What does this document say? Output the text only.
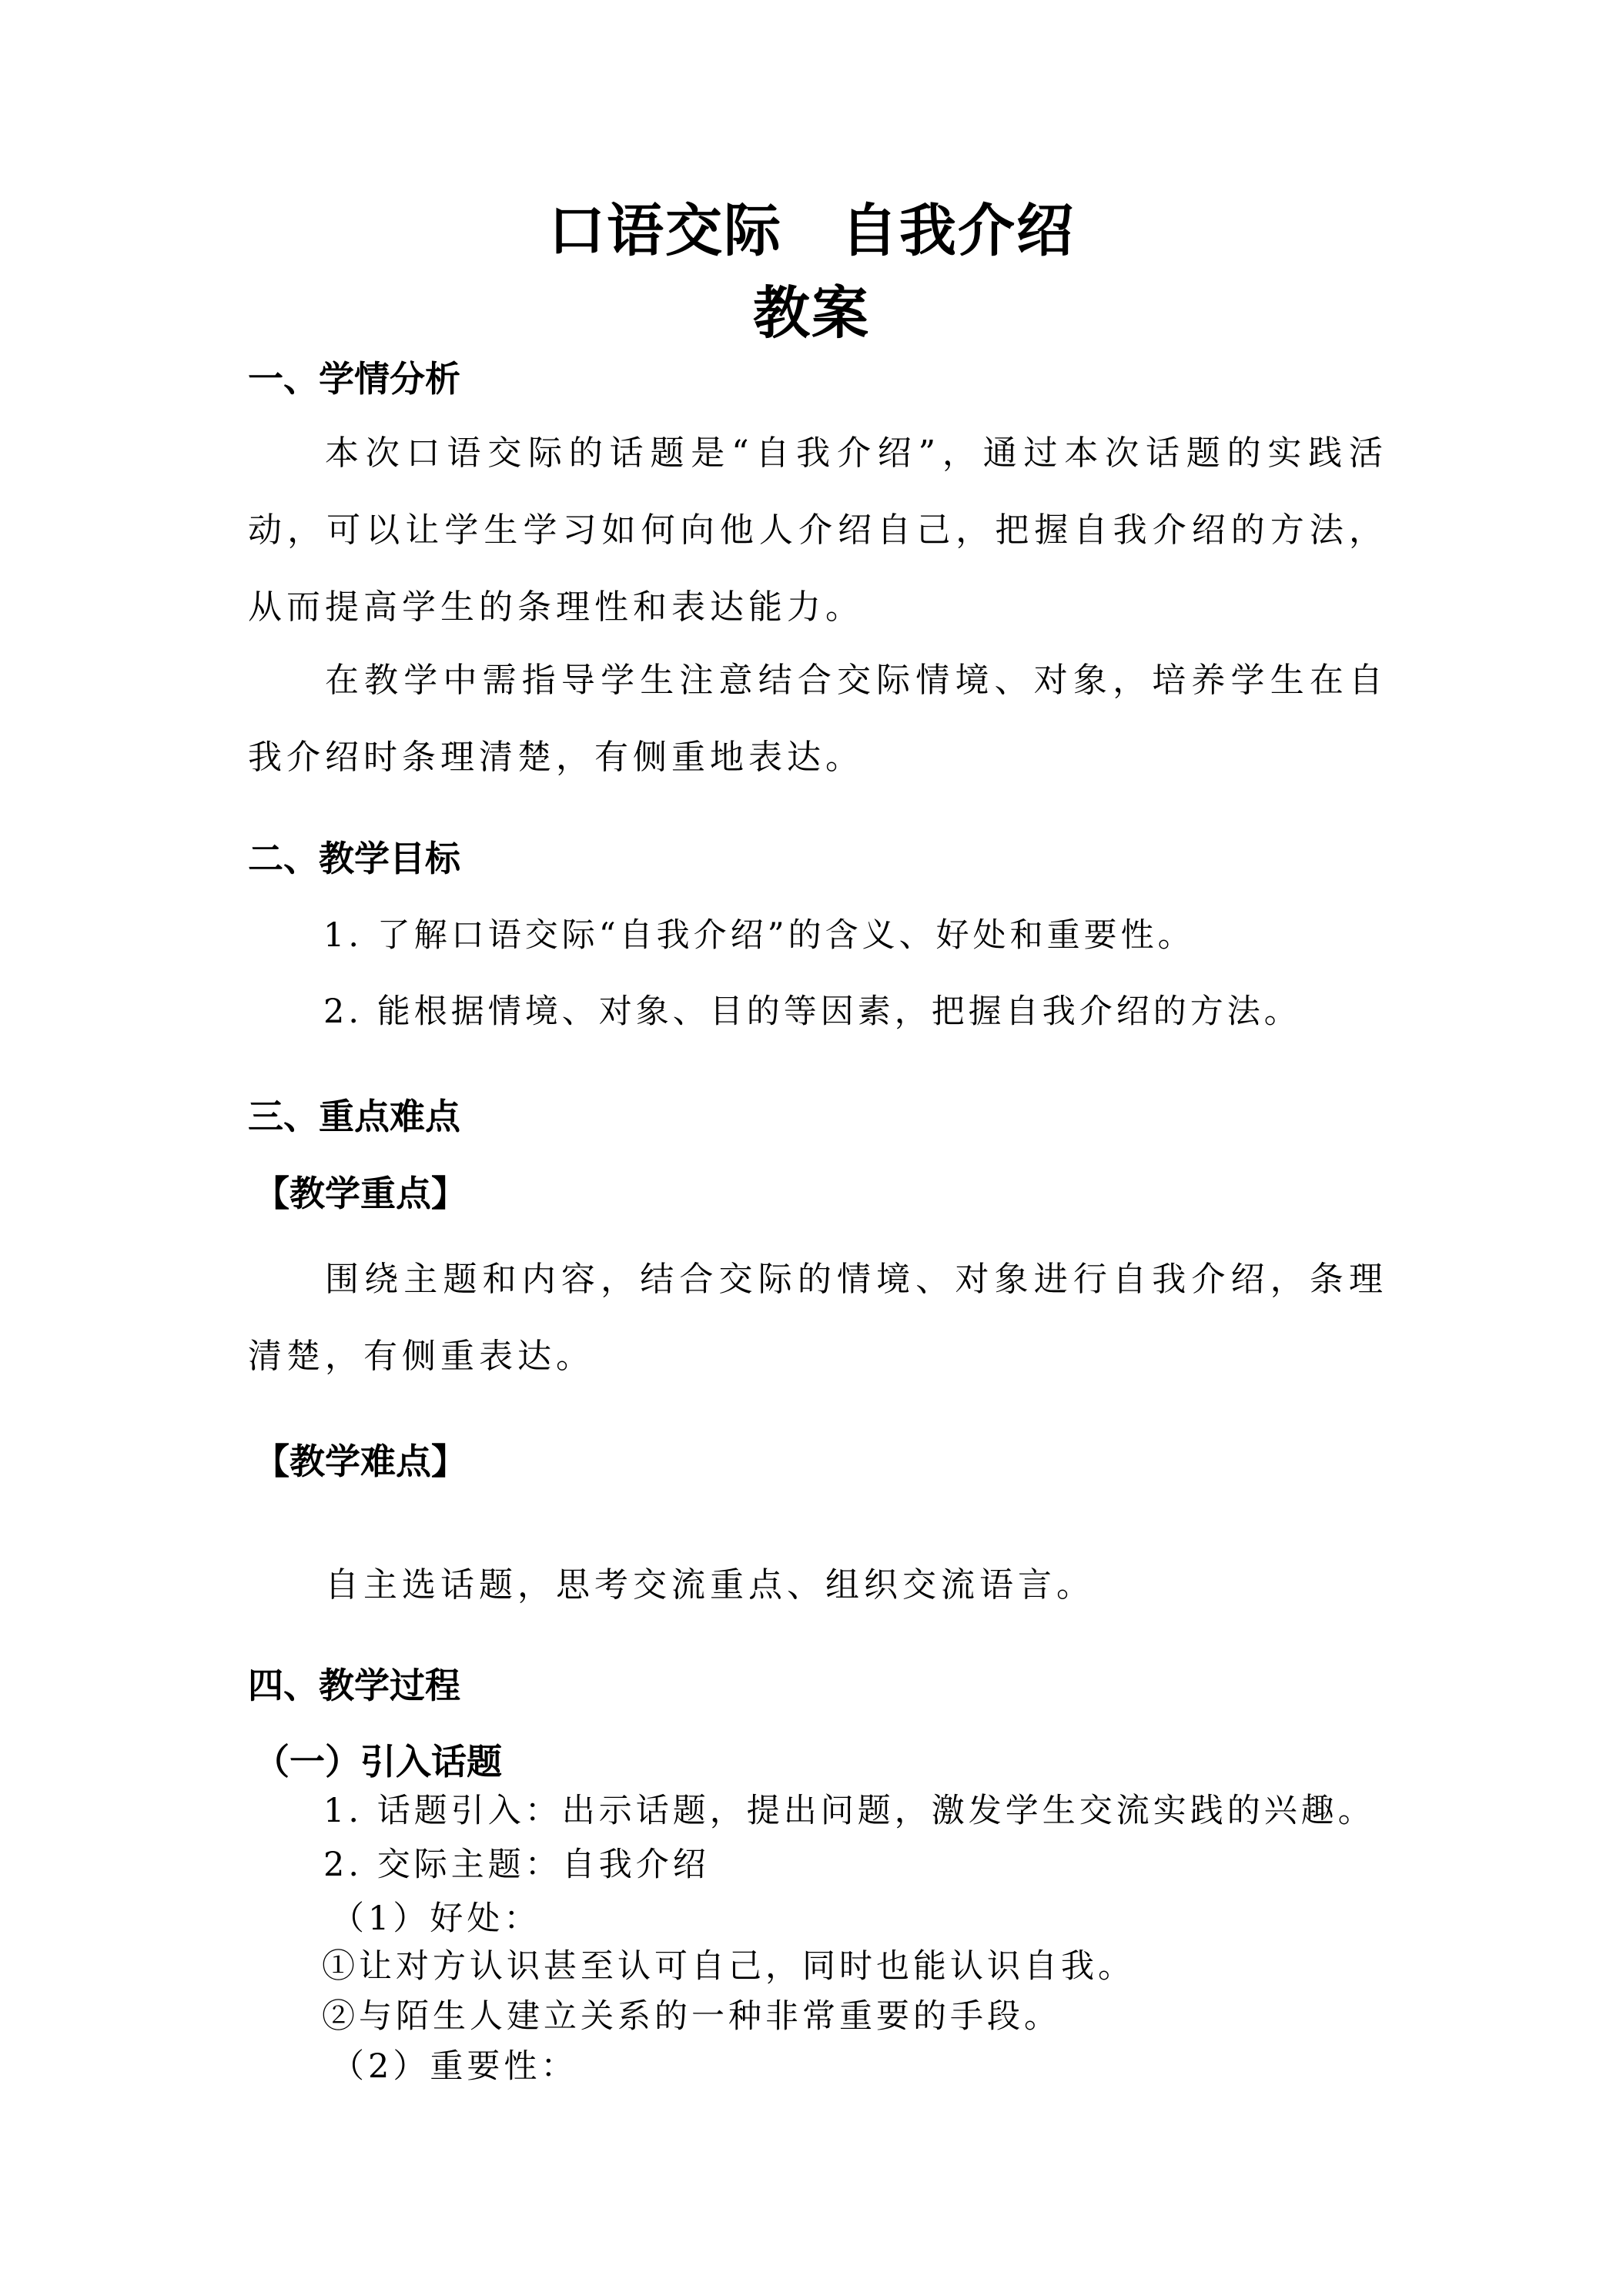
口语交际　自我介绍
教案
一、学情分析

本次口语交际的话题是“自我介绍”，通过本次话题的实践活动，可以让学生学习如何向他人介绍自己，把握自我介绍的方法，从而提高学生的条理性和表达能力。

在教学中需指导学生注意结合交际情境、对象，培养学生在自我介绍时条理清楚，有侧重地表达。

二、教学目标
1. 了解口语交际“自我介绍”的含义、好处和重要性。
2. 能根据情境、对象、目的等因素，把握自我介绍的方法。
三、重点难点
【教学重点】

围绕主题和内容，结合交际的情境、对象进行自我介绍，条理清楚，有侧重表达。

【教学难点】

自主选话题，思考交流重点、组织交流语言。

四、教学过程
（一）引入话题
1. 话题引入：出示话题，提出问题，激发学生交流实践的兴趣。
2. 交际主题：自我介绍
（1）好处：
①让对方认识甚至认可自己，同时也能认识自我。
②与陌生人建立关系的一种非常重要的手段。
（2）重要性：
